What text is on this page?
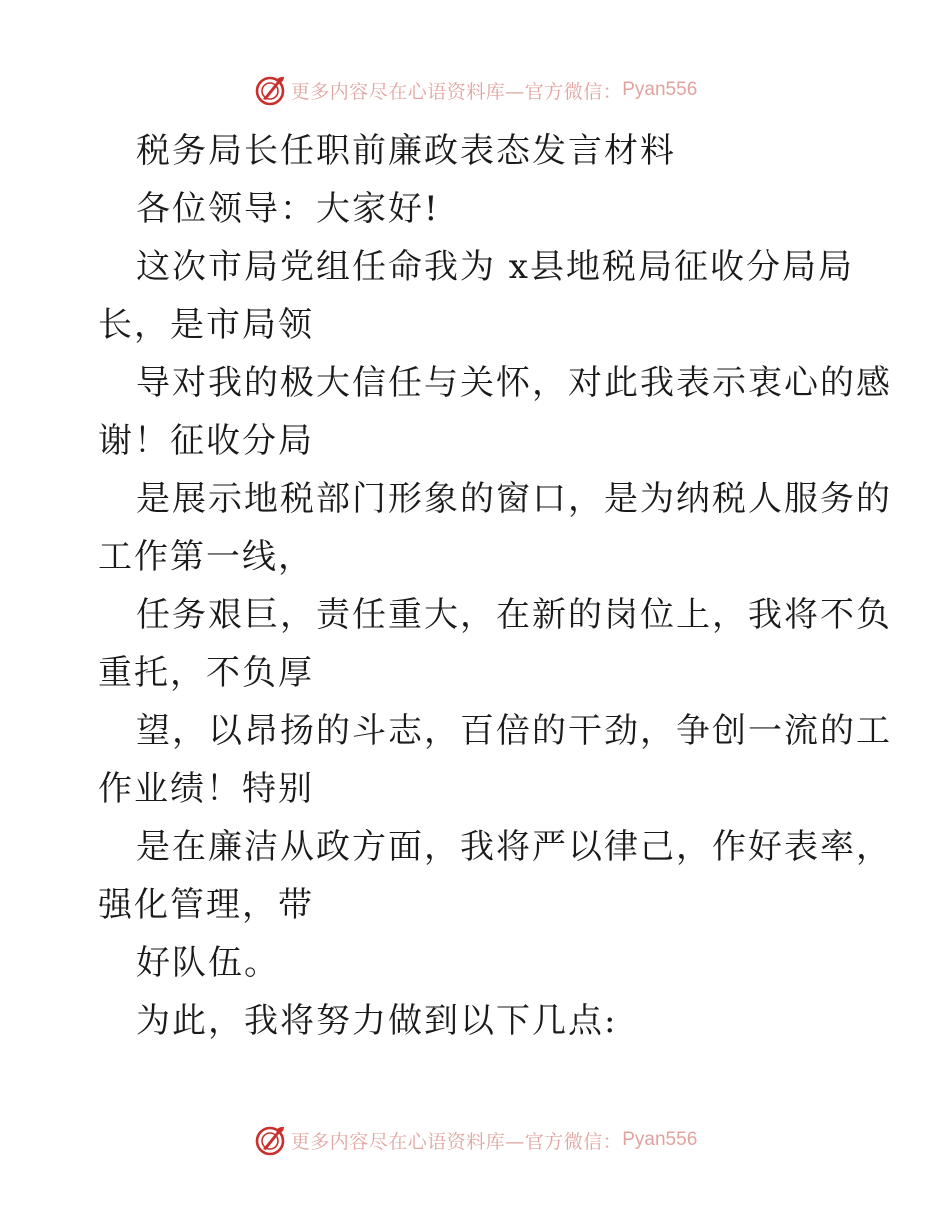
更多内容尽在心语资料库—官方微信： Pyan556
税务局长任职前廉政表态发言材料
各位领导：大家好!
这次市局党组任命我为 x县地税局征收分局局
长，是市局领
导对我的极大信任与关怀，对此我表示衷心的感
谢！征收分局
是展示地税部门形象的窗口，是为纳税人服务的
工作第一线，
任务艰巨，责任重大，在新的岗位上，我将不负
重托，不负厚
望，以昂扬的斗志，百倍的干劲，争创一流的工
作业绩！特别
是在廉洁从政方面，我将严以律己，作好表率，
强化管理，带
好队伍。
为此，我将努力做到以下几点:
更多内容尽在心语资料库—官方微信： Pyan556
